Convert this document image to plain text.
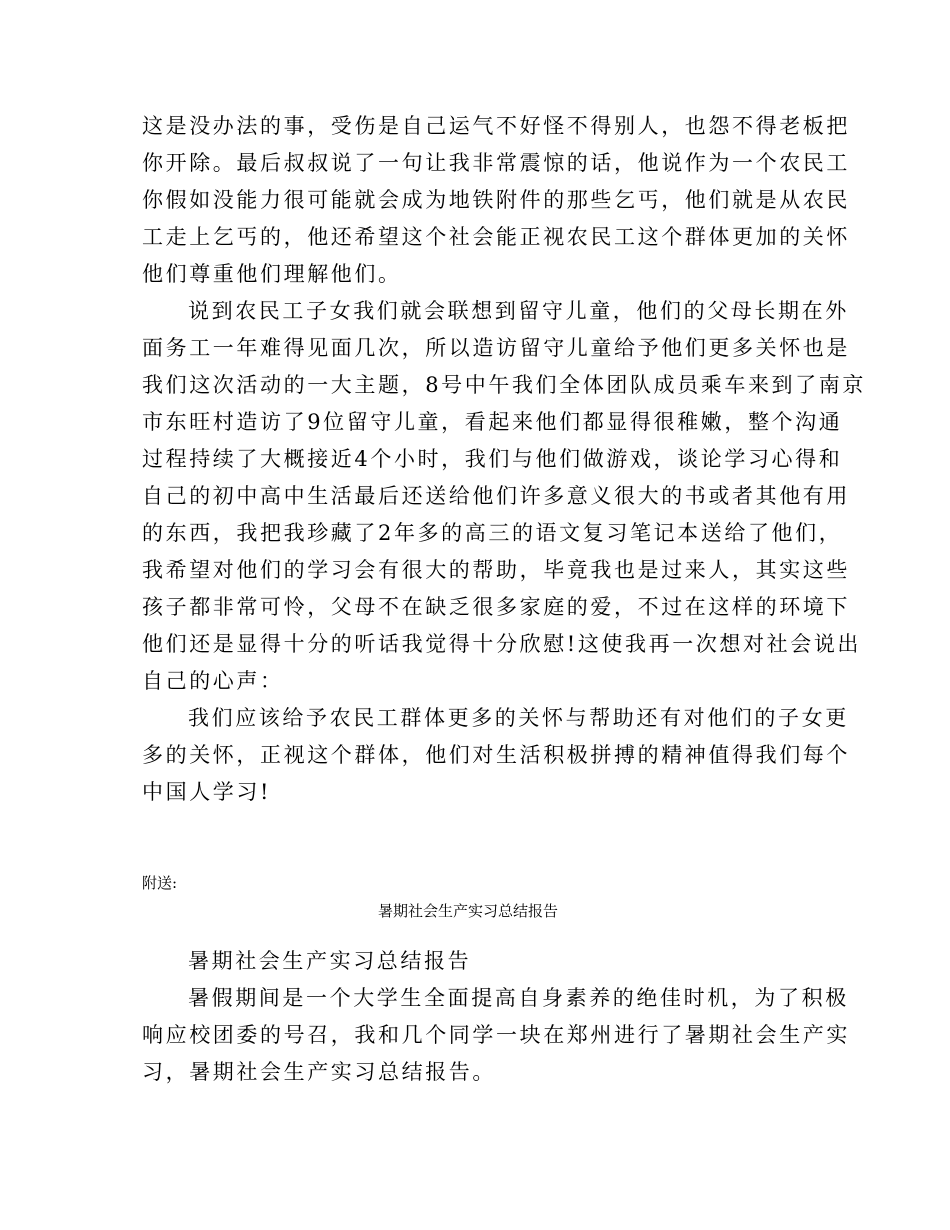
这是没办法的事，受伤是自己运气不好怪不得别人，也怨不得老板把
你开除。最后叔叔说了一句让我非常震惊的话，他说作为一个农民工
你假如没能力很可能就会成为地铁附件的那些乞丐，他们就是从农民
工走上乞丐的，他还希望这个社会能正视农民工这个群体更加的关怀
他们尊重他们理解他们。
说到农民工子女我们就会联想到留守儿童，他们的父母长期在外
面务工一年难得见面几次，所以造访留守儿童给予他们更多关怀也是
我们这次活动的一大主题，8号中午我们全体团队成员乘车来到了南京
市东旺村造访了9位留守儿童，看起来他们都显得很稚嫩，整个沟通
过程持续了大概接近4个小时，我们与他们做游戏，谈论学习心得和
自己的初中高中生活最后还送给他们许多意义很大的书或者其他有用
的东西，我把我珍藏了2年多的高三的语文复习笔记本送给了他们，
我希望对他们的学习会有很大的帮助，毕竟我也是过来人，其实这些
孩子都非常可怜，父母不在缺乏很多家庭的爱，不过在这样的环境下
他们还是显得十分的听话我觉得十分欣慰!这使我再一次想对社会说出
自己的心声：
我们应该给予农民工群体更多的关怀与帮助还有对他们的子女更
多的关怀，正视这个群体，他们对生活积极拼搏的精神值得我们每个
中国人学习!
附送:
暑期社会生产实习总结报告
暑期社会生产实习总结报告
暑假期间是一个大学生全面提高自身素养的绝佳时机，为了积极
响应校团委的号召，我和几个同学一块在郑州进行了暑期社会生产实
习，暑期社会生产实习总结报告。
